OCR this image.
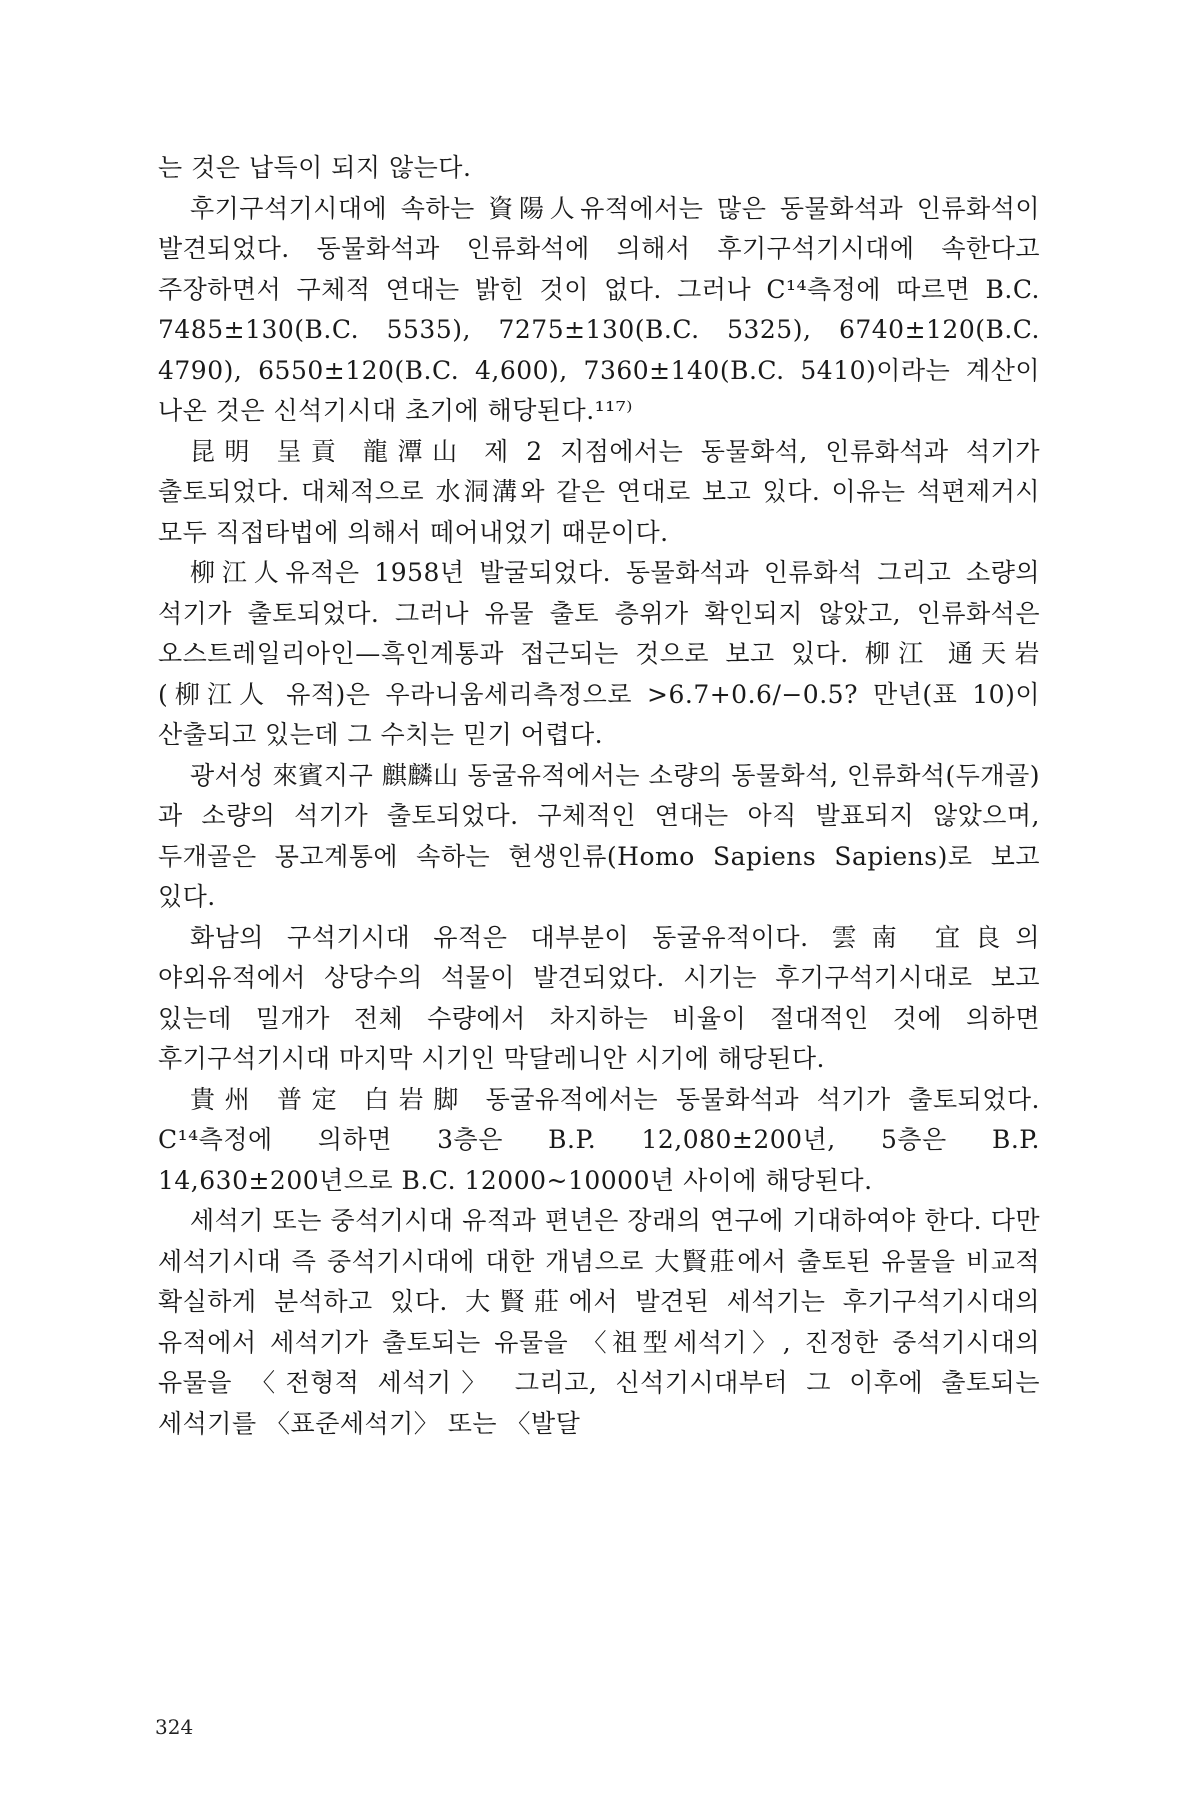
는 것은 납득이 되지 않는다.

후기구석기시대에 속하는 資陽人유적에서는 많은 동물화석과 인류화석이 발견되었다. 동물화석과 인류화석에 의해서 후기구석기시대에 속한다고 주장하면서 구체적 연대는 밝힌 것이 없다. 그러나 C¹⁴측정에 따르면 B.C. 7485±130(B.C. 5535), 7275±130(B.C. 5325), 6740±120(B.C. 4790), 6550±120(B.C. 4,600), 7360±140(B.C. 5410)이라는 계산이 나온 것은 신석기시대 초기에 해당된다.¹¹⁷⁾

昆明 呈貢 龍潭山 제 2 지점에서는 동물화석, 인류화석과 석기가 출토되었다. 대체적으로 水洞溝와 같은 연대로 보고 있다. 이유는 석편제거시 모두 직접타법에 의해서 떼어내었기 때문이다.

柳江人유적은 1958년 발굴되었다. 동물화석과 인류화석 그리고 소량의 석기가 출토되었다. 그러나 유물 출토 층위가 확인되지 않았고, 인류화석은 오스트레일리아인—흑인계통과 접근되는 것으로 보고 있다. 柳江 通天岩(柳江人 유적)은 우라니움세리측정으로 >6.7+0.6/−0.5? 만년(표 10)이 산출되고 있는데 그 수치는 믿기 어렵다.

광서성 來賓지구 麒麟山 동굴유적에서는 소량의 동물화석, 인류화석(두개골)과 소량의 석기가 출토되었다. 구체적인 연대는 아직 발표되지 않았으며, 두개골은 몽고계통에 속하는 현생인류(Homo Sapiens Sapiens)로 보고 있다.

화남의 구석기시대 유적은 대부분이 동굴유적이다. 雲南 宜良의 야외유적에서 상당수의 석물이 발견되었다. 시기는 후기구석기시대로 보고 있는데 밀개가 전체 수량에서 차지하는 비율이 절대적인 것에 의하면 후기구석기시대 마지막 시기인 막달레니안 시기에 해당된다.

貴州 普定 白岩脚 동굴유적에서는 동물화석과 석기가 출토되었다. C¹⁴측정에 의하면 3층은 B.P. 12,080±200년, 5층은 B.P. 14,630±200년으로 B.C. 12000~10000년 사이에 해당된다.

세석기 또는 중석기시대 유적과 편년은 장래의 연구에 기대하여야 한다. 다만 세석기시대 즉 중석기시대에 대한 개념으로 大賢莊에서 출토된 유물을 비교적 확실하게 분석하고 있다. 大賢莊에서 발견된 세석기는 후기구석기시대의 유적에서 세석기가 출토되는 유물을 〈祖型세석기〉, 진정한 중석기시대의 유물을 〈전형적 세석기〉 그리고, 신석기시대부터 그 이후에 출토되는 세석기를 〈표준세석기〉 또는 〈발달

324
